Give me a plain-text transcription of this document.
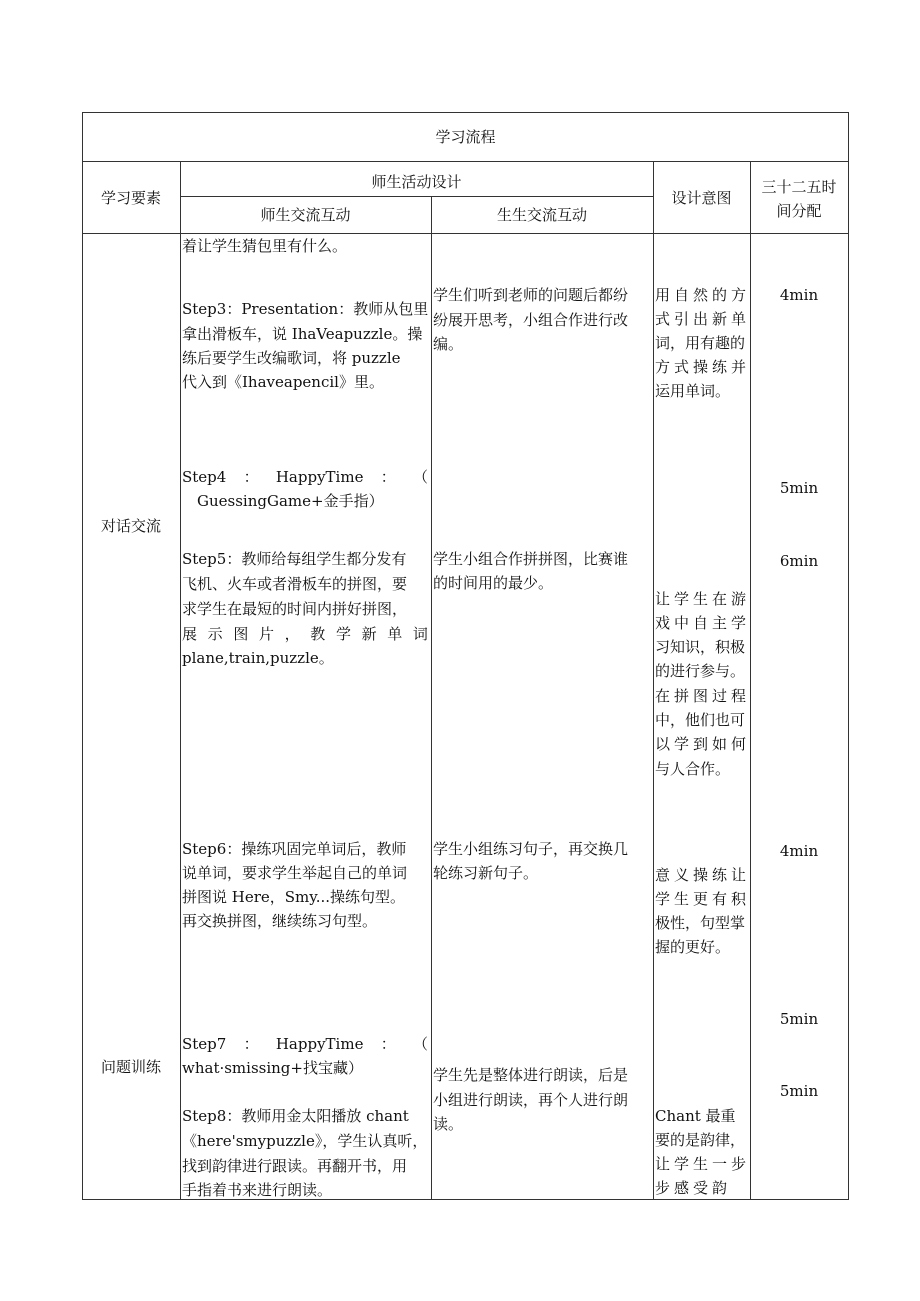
学习流程
学习要素
师生活动设计
师生交流互动	生生交流互动
设计意图
三十二五时
间分配
对话交流
问题训练
着让学生猜包里有什么。
Step3：Presentation：教师从包里
拿出滑板车，说 IhaVeapuzzle。操
练后要学生改编歌词，将 puzzle
代入到《Ihaveapencil》里。
Step4 ： HappyTime ： （
GuessingGame+金手指）
Step5：教师给每组学生都分发有
飞机、火车或者滑板车的拼图，要
求学生在最短的时间内拼好拼图，
展 示 图 片 ， 教 学 新 单 词
plane,train,puzzle。
Step6：操练巩固完单词后，教师
说单词，要求学生举起自己的单词
拼图说 Here，Smy...操练句型。
再交换拼图，继续练习句型。
Step7 ： HappyTime ： （
what·smissing+找宝藏）
Step8：教师用金太阳播放 chant
《here'smypuzzle》，学生认真听，
找到韵律进行跟读。再翻开书，用
手指着书来进行朗读。
学生们听到老师的问题后都纷
纷展开思考，小组合作进行改
编。
学生小组合作拼拼图，比赛谁
的时间用的最少。
学生小组练习句子，再交换几
轮练习新句子。
学生先是整体进行朗读，后是
小组进行朗读，再个人进行朗
读。
用自然的方
式引出新单
词，用有趣的
方式操练并
运用单词。
让学生在游
戏中自主学
习知识，积极
的进行参与。
在拼图过程
中，他们也可
以学到如何
与人合作。
意义操练让
学生更有积
极性，句型掌
握的更好。
Chant 最重
要的是韵律，
让学生一步
步感受韵
4min
5min
6min
4min
5min
5min
